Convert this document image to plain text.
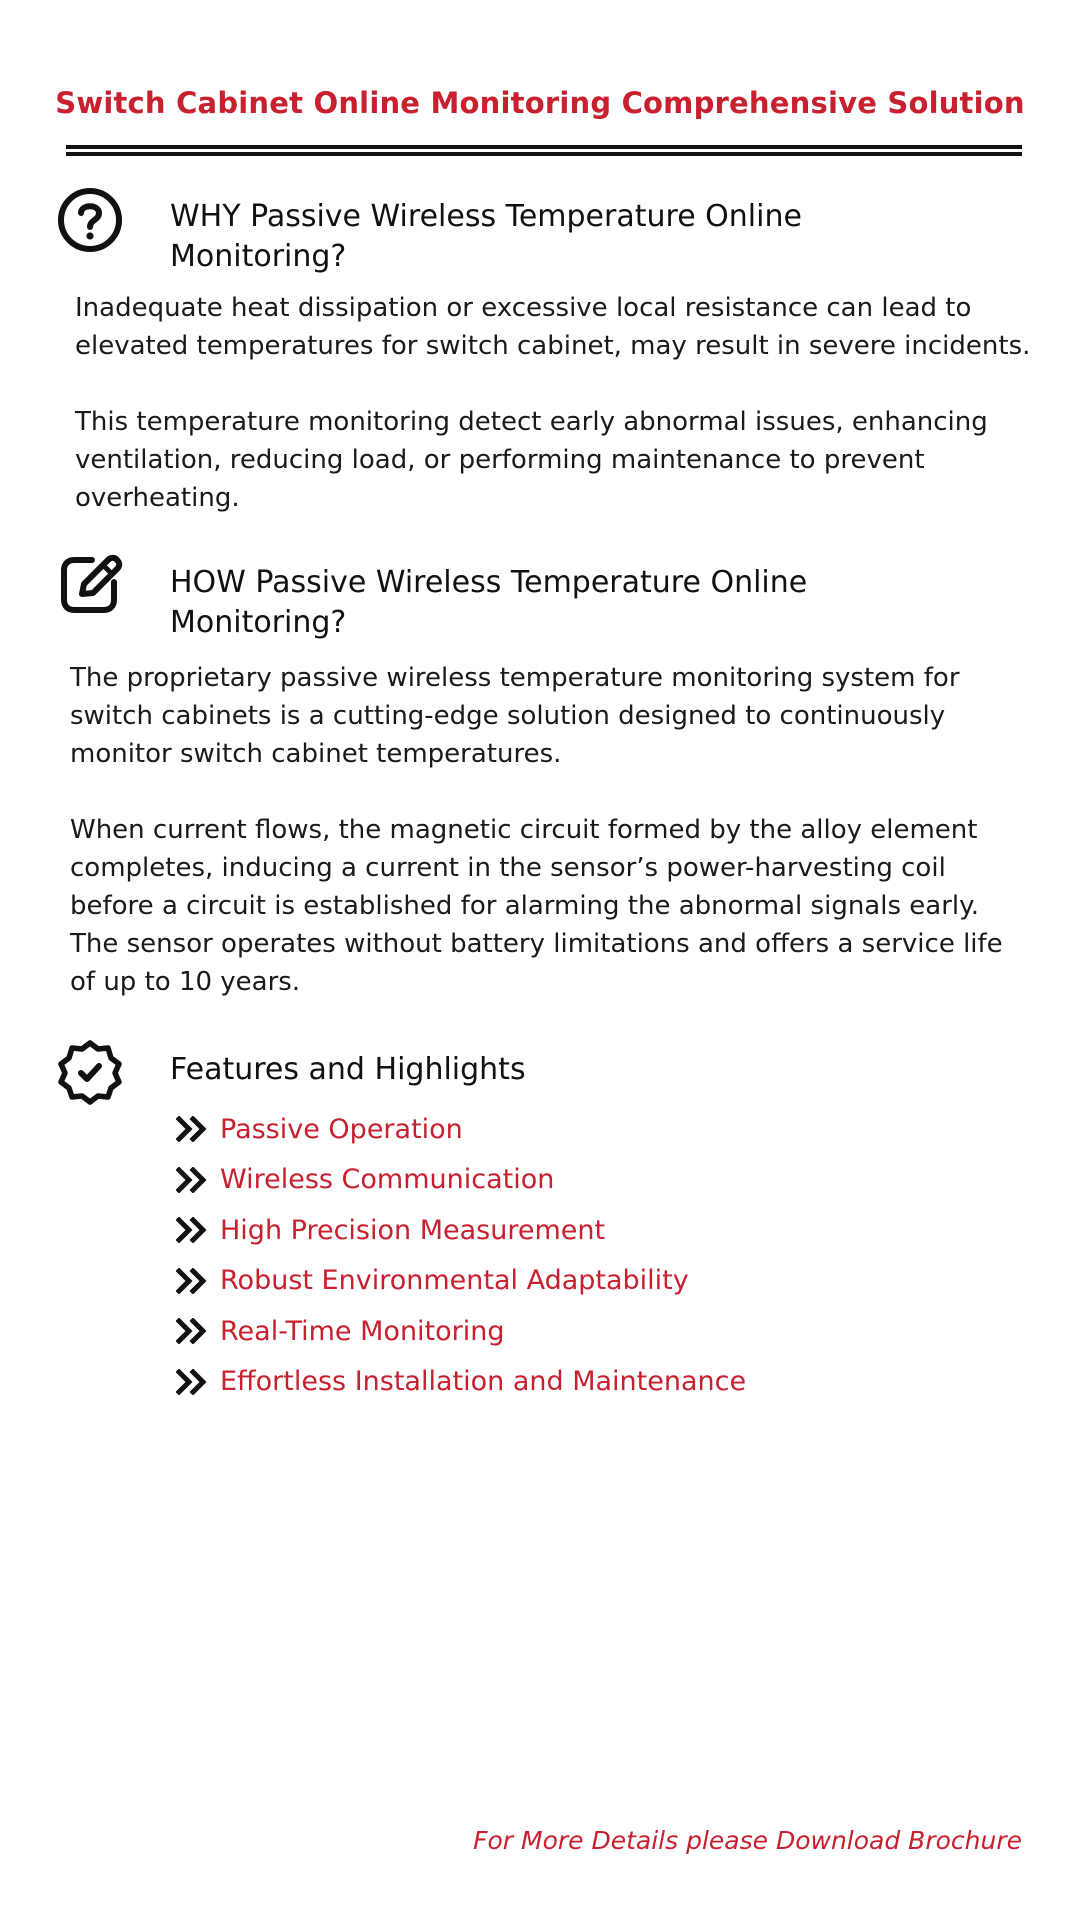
Switch Cabinet Online Monitoring Comprehensive Solution
WHY Passive Wireless Temperature Online
Monitoring?

Inadequate heat dissipation or excessive local resistance can lead to elevated temperatures for switch cabinet, may result in severe incidents.

This temperature monitoring detect early abnormal issues, enhancing ventilation, reducing load, or performing maintenance to prevent overheating.

HOW Passive Wireless Temperature Online
Monitoring?

The proprietary passive wireless temperature monitoring system for switch cabinets is a cutting-edge solution designed to continuously monitor switch cabinet temperatures.

When current flows, the magnetic circuit formed by the alloy element completes, inducing a current in the sensor’s power-harvesting coil before a circuit is established for alarming the abnormal signals early. The sensor operates without battery limitations and offers a service life of up to 10 years.

Features and Highlights
Passive Operation
Wireless Communication
High Precision Measurement
Robust Environmental Adaptability
Real-Time Monitoring
Effortless Installation and Maintenance
For More Details please Download Brochure
